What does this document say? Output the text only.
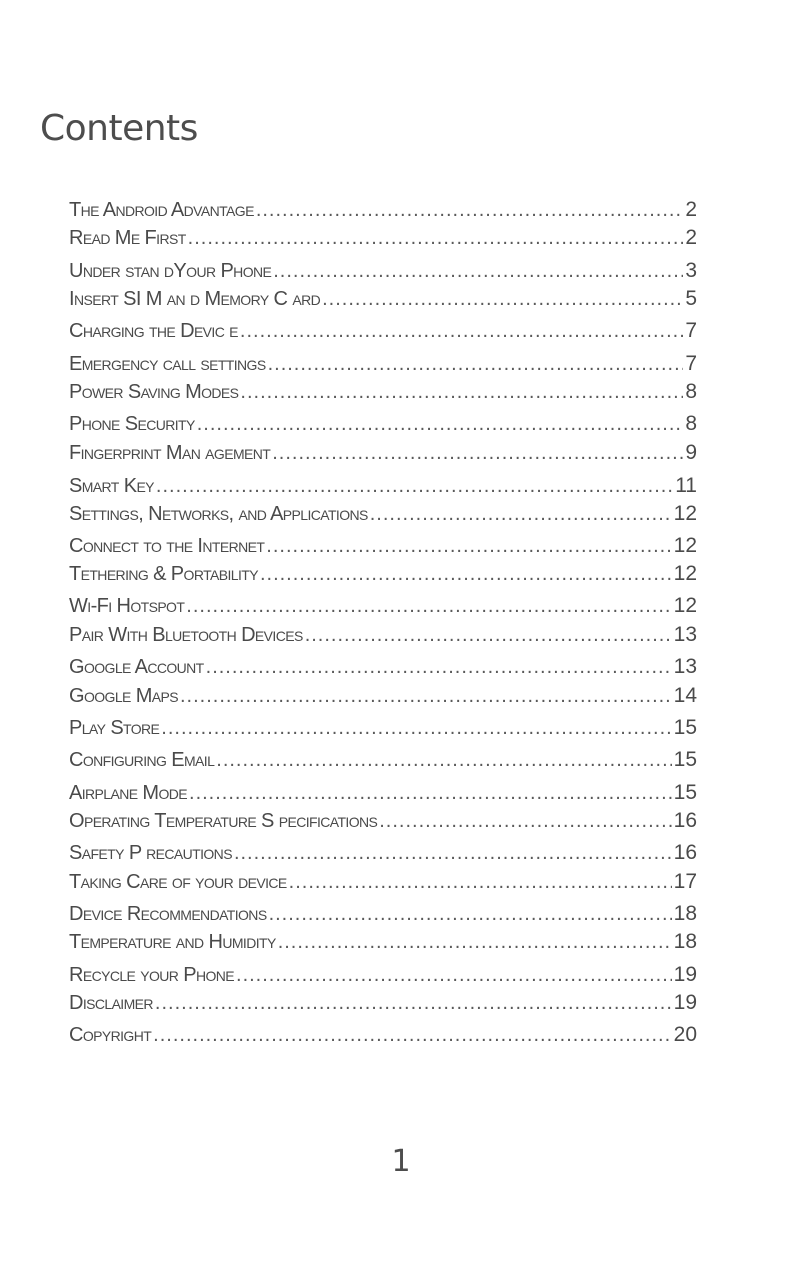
Contents
The Android Advantage .....	2
Read Me First .....	2
Under stan dYour Phone .....	3
Insert SI M an d Memory C ard .....	5
Charging the Devic e .....	7
Emergency call settings .....	7
Power Saving Modes .....	8
Phone Security .....	8
Fingerprint Man agement .....	9
Smart Key .....	11
Settings, Networks, and Applications .....	12
Connect to the Internet .....	12
Tethering & Portability .....	12
Wi-Fi Hotspot .....	12
Pair With Bluetooth Devices .....	13
Google Account .....	13
Google Maps .....	14
Play Store .....	15
Configuring Email .....	15
Airplane Mode .....	15
Operating Temperature S pecifications .....	16
Safety P recautions .....	16
Taking Care of your device .....	17
Device Recommendations .....	18
Temperature and Humidity .....	18
Recycle your Phone .....	19
Disclaimer .....	19
Copyright .....	20
1
